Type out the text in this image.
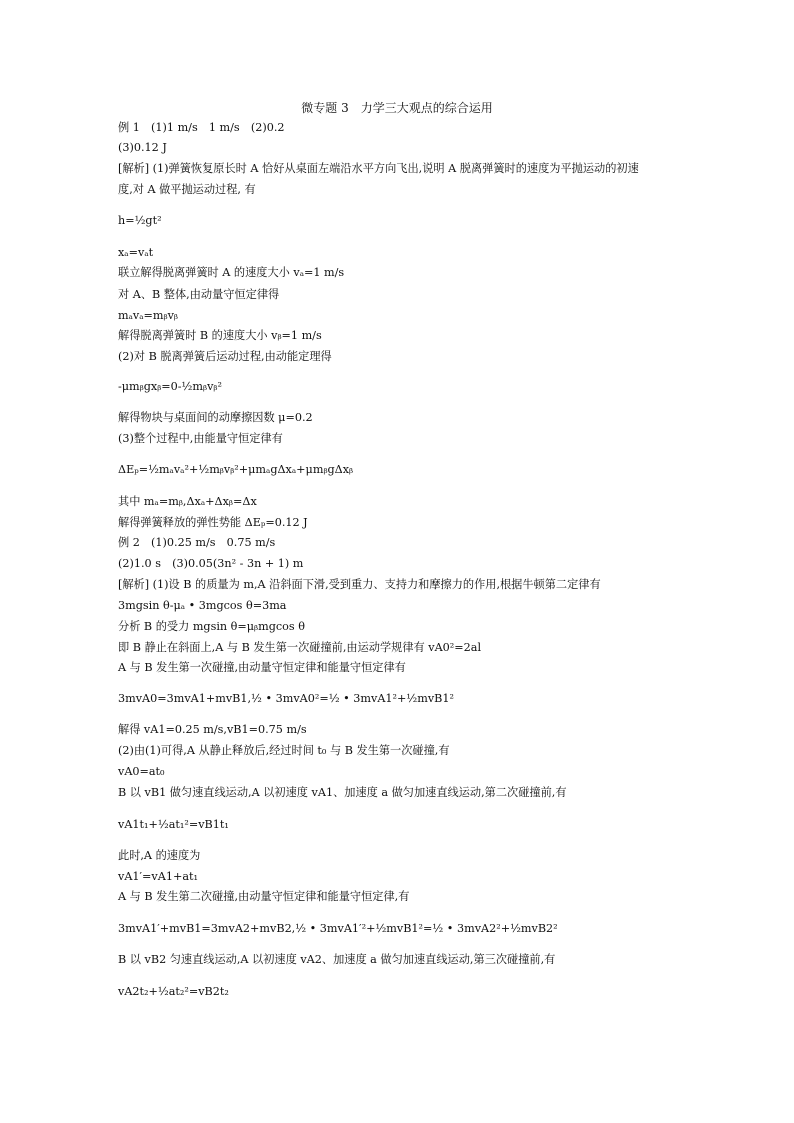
微专题 3　力学三大观点的综合运用
例 1　(1)1 m/s　1 m/s　(2)0.2
(3)0.12 J
[解析] (1)弹簧恢复原长时 A 恰好从桌面左端沿水平方向飞出,说明 A 脱离弹簧时的速度为平抛运动的初速
度,对 A 做平抛运动过程, 有
h=½gt²
xₐ=vₐt
联立解得脱离弹簧时 A 的速度大小 vₐ=1 m/s
对 A、B 整体,由动量守恒定律得
mₐvₐ=mᵦvᵦ
解得脱离弹簧时 B 的速度大小 vᵦ=1 m/s
(2)对 B 脱离弹簧后运动过程,由动能定理得
-μmᵦgxᵦ=0-½mᵦvᵦ²
解得物块与桌面间的动摩擦因数 μ=0.2
(3)整个过程中,由能量守恒定律有
ΔEₚ=½mₐvₐ²+½mᵦvᵦ²+μmₐgΔxₐ+μmᵦgΔxᵦ
其中 mₐ=mᵦ,Δxₐ+Δxᵦ=Δx
解得弹簧释放的弹性势能 ΔEₚ=0.12 J
例 2　(1)0.25 m/s　0.75 m/s
(2)1.0 s　(3)0.05(3n² - 3n + 1) m
[解析] (1)设 B 的质量为 m,A 沿斜面下滑,受到重力、支持力和摩擦力的作用,根据牛顿第二定律有
3mgsin θ-μₐ • 3mgcos θ=3ma
分析 B 的受力 mgsin θ=μᵦmgcos θ
即 B 静止在斜面上,A 与 B 发生第一次碰撞前,由运动学规律有 vA0²=2al
A 与 B 发生第一次碰撞,由动量守恒定律和能量守恒定律有
3mvA0=3mvA1+mvB1,½ • 3mvA0²=½ • 3mvA1²+½mvB1²
解得 vA1=0.25 m/s,vB1=0.75 m/s
(2)由(1)可得,A 从静止释放后,经过时间 t₀ 与 B 发生第一次碰撞,有
vA0=at₀
B 以 vB1 做匀速直线运动,A 以初速度 vA1、加速度 a 做匀加速直线运动,第二次碰撞前,有
vA1t₁+½at₁²=vB1t₁
此时,A 的速度为
vA1′=vA1+at₁
A 与 B 发生第二次碰撞,由动量守恒定律和能量守恒定律,有
3mvA1′+mvB1=3mvA2+mvB2,½ • 3mvA1′²+½mvB1²=½ • 3mvA2²+½mvB2²
B 以 vB2 匀速直线运动,A 以初速度 vA2、加速度 a 做匀加速直线运动,第三次碰撞前,有
vA2t₂+½at₂²=vB2t₂
